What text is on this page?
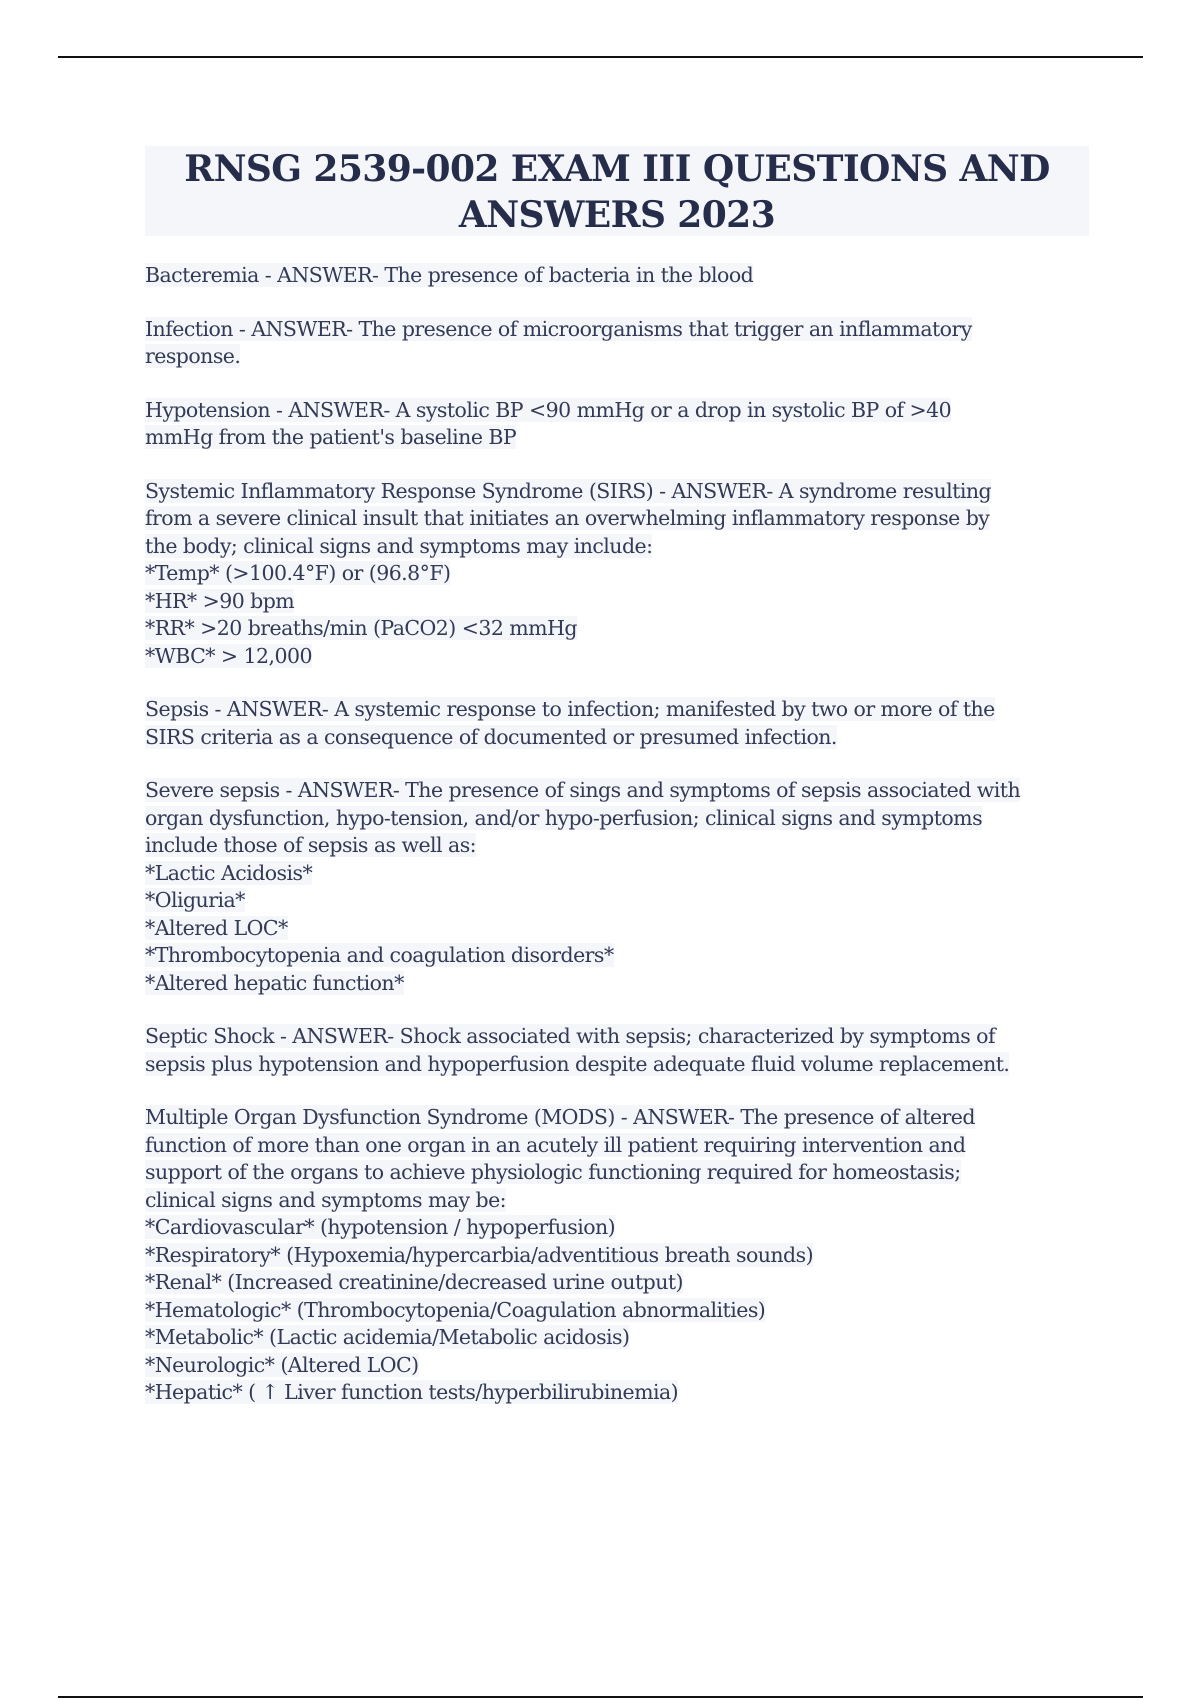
RNSG 2539-002 EXAM III QUESTIONS AND
ANSWERS 2023
Bacteremia - ANSWER- The presence of bacteria in the blood
Infection - ANSWER- The presence of microorganisms that trigger an inflammatory
response.
Hypotension - ANSWER- A systolic BP <90 mmHg or a drop in systolic BP of >40
mmHg from the patient's baseline BP
Systemic Inflammatory Response Syndrome (SIRS) - ANSWER- A syndrome resulting
from a severe clinical insult that initiates an overwhelming inflammatory response by
the body; clinical signs and symptoms may include:
*Temp* (>100.4°F) or (96.8°F)
*HR* >90 bpm
*RR* >20 breaths/min (PaCO2) <32 mmHg
*WBC* > 12,000
Sepsis - ANSWER- A systemic response to infection; manifested by two or more of the
SIRS criteria as a consequence of documented or presumed infection.
Severe sepsis - ANSWER- The presence of sings and symptoms of sepsis associated with
organ dysfunction, hypo-tension, and/or hypo-perfusion; clinical signs and symptoms
include those of sepsis as well as:
*Lactic Acidosis*
*Oliguria*
*Altered LOC*
*Thrombocytopenia and coagulation disorders*
*Altered hepatic function*
Septic Shock - ANSWER- Shock associated with sepsis; characterized by symptoms of
sepsis plus hypotension and hypoperfusion despite adequate fluid volume replacement.
Multiple Organ Dysfunction Syndrome (MODS) - ANSWER- The presence of altered
function of more than one organ in an acutely ill patient requiring intervention and
support of the organs to achieve physiologic functioning required for homeostasis;
clinical signs and symptoms may be:
*Cardiovascular* (hypotension / hypoperfusion)
*Respiratory* (Hypoxemia/hypercarbia/adventitious breath sounds)
*Renal* (Increased creatinine/decreased urine output)
*Hematologic* (Thrombocytopenia/Coagulation abnormalities)
*Metabolic* (Lactic acidemia/Metabolic acidosis)
*Neurologic* (Altered LOC)
*Hepatic* ( ↑ Liver function tests/hyperbilirubinemia)
